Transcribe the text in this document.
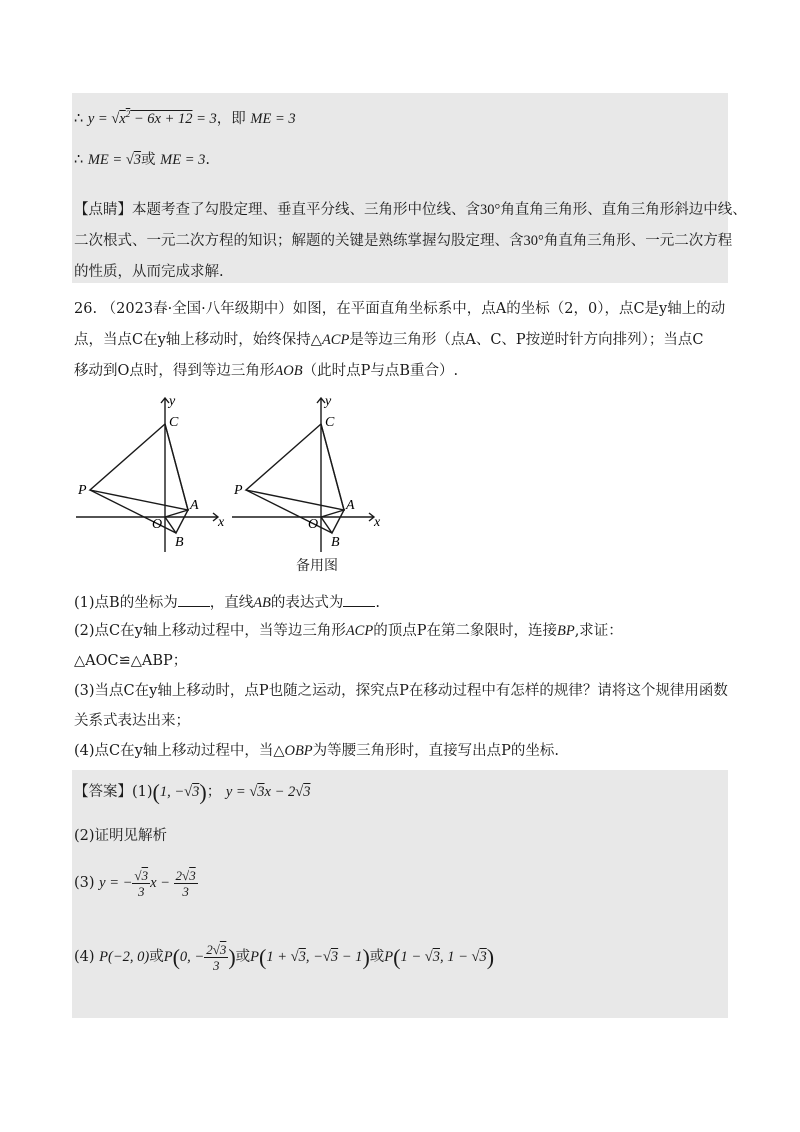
∴ $y = √x^2 - 6x + 12 = 3$，即 ME = 3
∴ ME = √3或 ME = 3.
【点睛】本题考查了勾股定理、垂直平分线、三角形中位线、含30°角直角三角形、直角三角形斜边中线、
二次根式、一元二次方程的知识；解题的关键是熟练掌握勾股定理、含30°角直角三角形、一元二次方程
的性质，从而完成求解.
26. （2023春·全国·八年级期中）如图，在平面直角坐标系中，点A的坐标（2，0），点C是y轴上的动
点，当点C在y轴上移动时，始终保持△ACP是等边三角形（点A、C、P按逆时针方向排列）；当点C
移动到O点时，得到等边三角形AOB（此时点P与点B重合）.
y
x
C
P
A
O
B
y
x
C
P
A
O
B
备用图
(1)点B的坐标为 ，直线AB的表达式为 .
(2)点C在y轴上移动过程中，当等边三角形ACP的顶点P在第二象限时，连接BP,求证：
△AOC≌△ABP；
(3)当点C在y轴上移动时，点P也随之运动，探究点P在移动过程中有怎样的规律？请将这个规律用函数
关系式表达出来；
(4)点C在y轴上移动过程中，当△OBP为等腰三角形时，直接写出点P的坐标.
【答案】(1)(1, −√3)； y = √3x − 2√3
(2)证明见解析
(3) y = − $\frac{√3}{3}$ $x - \frac{2√3}{3}$
(4) P(−2, 0)或P(0, − $\frac{2√3}{3}$ )或P(1 + √3, −√3 − 1)或P(1 − √3, 1 − √3)
